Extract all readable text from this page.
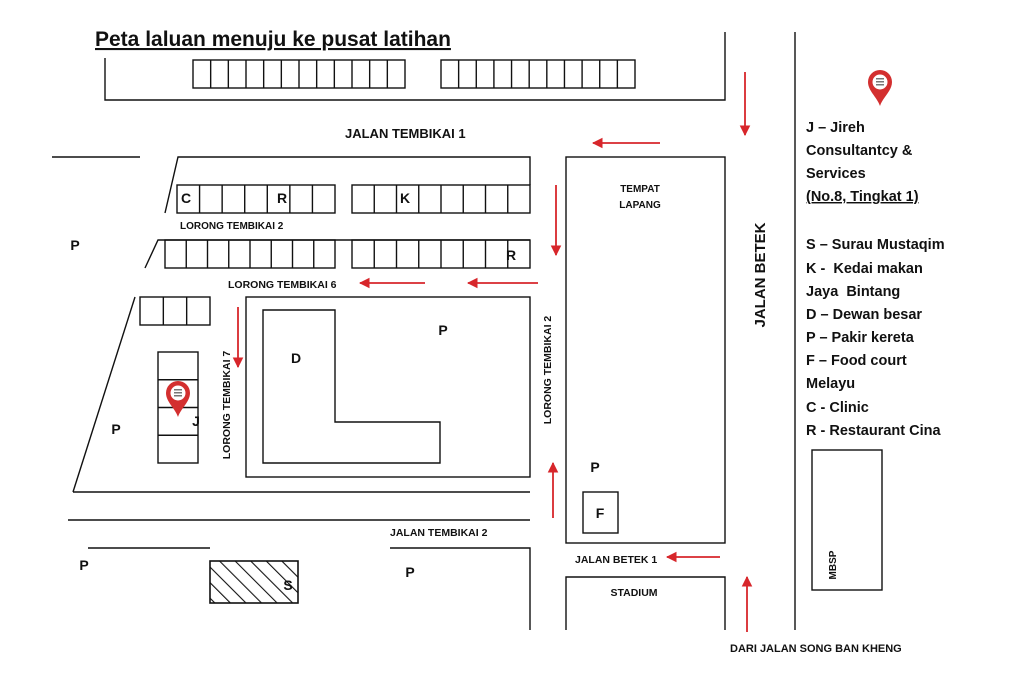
Peta laluan menuju ke pusat latihan
JALAN TEMBIKAI 1
LORONG TEMBIKAI 2
LORONG TEMBIKAI 6
LORONG TEMBIKAI 7	LORONG TEMBIKAI 2
JALAN TEMBIKAI 2
JALAN BETEK
JALAN BETEK 1
DARI JALAN SONG BAN KHENG
TEMPAT
LAPANG
STADIUM
MBSP
C	R	K
R
D
J
F
S
P
P
P
P
P	P
J – Jireh
Consultantcy &
Services
(No.8, Tingkat 1)
S – Surau Mustaqim
K -  Kedai makan
Jaya  Bintang
D – Dewan besar
P – Pakir kereta
F – Food court
Melayu
C - Clinic
R - Restaurant Cina
